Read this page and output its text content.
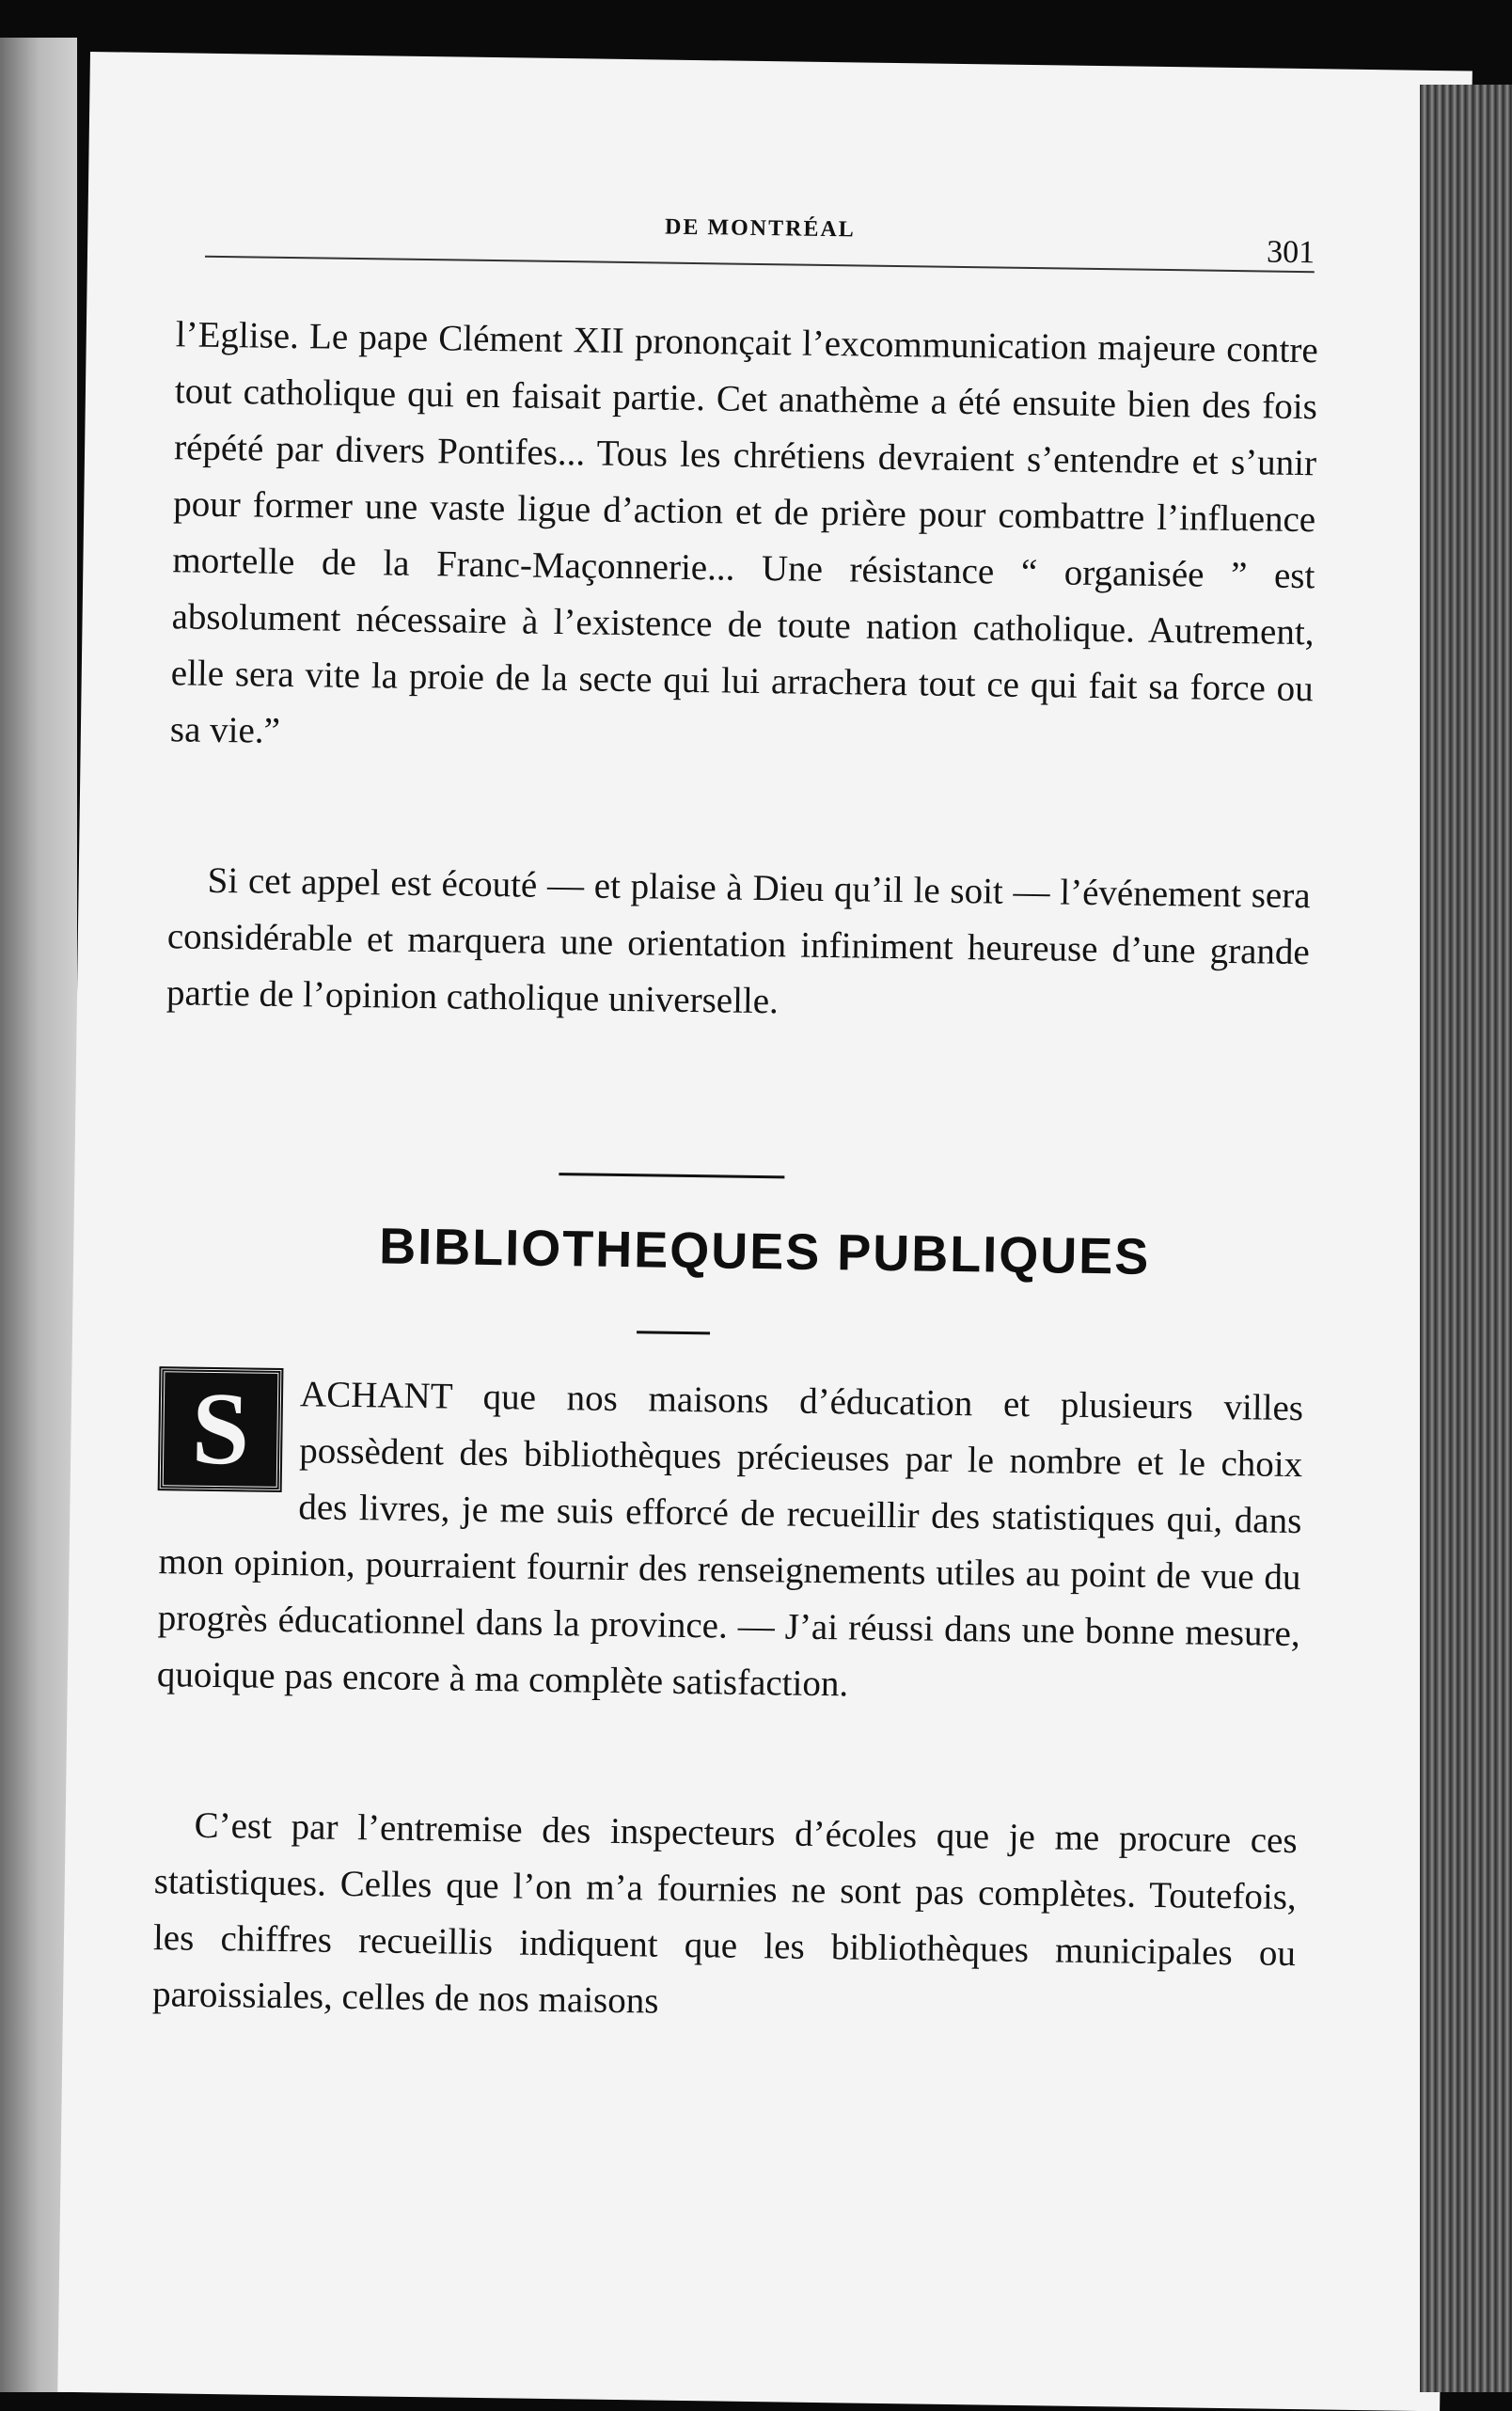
DE MONTRÉAL
301

l’Eglise. Le pape Clément XII prononçait l’excommunication majeure contre tout catholique qui en faisait partie. Cet anathème a été ensuite bien des fois répété par divers Pontifes... Tous les chrétiens devraient s’entendre et s’unir pour former une vaste ligue d’action et de prière pour combattre l’influence mortelle de la Franc-Maçonnerie... Une résistance “ organisée ” est absolument nécessaire à l’existence de toute nation catholique. Autrement, elle sera vite la proie de la secte qui lui arrachera tout ce qui fait sa force ou sa vie.”

Si cet appel est écouté — et plaise à Dieu qu’il le soit — l’événement sera considérable et marquera une orientation infiniment heureuse d’une grande partie de l’opinion catholique universelle.

BIBLIOTHEQUES PUBLIQUES

S	ACHANT que nos maisons d’éducation et plusieurs villes possèdent des bibliothèques précieuses par le nombre et le choix des livres, je me suis efforcé de recueillir des statistiques qui, dans mon opinion, pourraient fournir des renseignements utiles au point de vue du progrès éducationnel dans la province. — J’ai réussi dans une bonne mesure, quoique pas encore à ma complète satisfaction.

C’est par l’entremise des inspecteurs d’écoles que je me procure ces statistiques. Celles que l’on m’a fournies ne sont pas complètes. Toutefois, les chiffres recueillis indiquent que les bibliothèques municipales ou paroissiales, celles de nos maisons
